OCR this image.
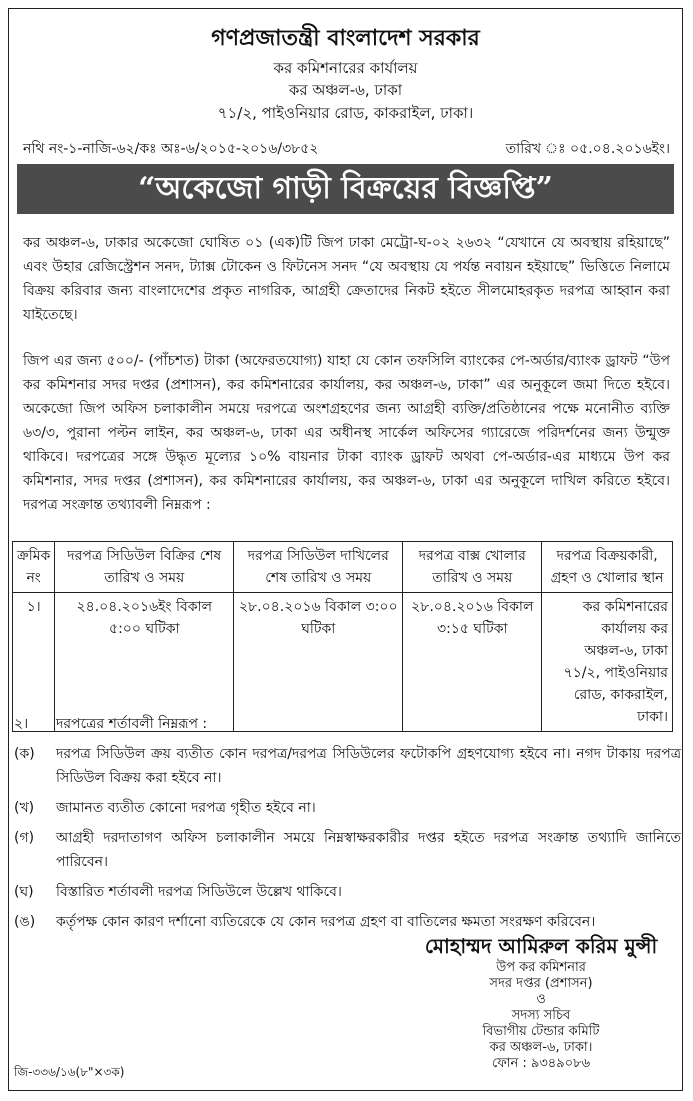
গণপ্রজাতন্ত্রী বাংলাদেশ সরকার
কর কমিশনারের কার্যালয়
কর অঞ্চল-৬, ঢাকা
৭১/২, পাইওনিয়ার রোড, কাকরাইল, ঢাকা।
নথি নং-১-নাজি-৬২/কঃ অঃ-৬/২০১৫-২০১৬/৩৮৫২	তারিখ ঃ ০৫.০৪.২০১৬ইং।
“অকেজো গাড়ী বিক্রয়ের বিজ্ঞপ্তি”
কর অঞ্চল-৬, ঢাকার অকেজো ঘোষিত ০১ (এক)টি জিপ ঢাকা মেট্রো-ঘ-০২ ২৬৩২ “যেখানে যে অবস্থায় রহিয়াছে” এবং উহার রেজিস্ট্রেশন সনদ, ট্যাক্স টোকেন ও ফিটনেস সনদ “যে অবস্থায় যে পর্যন্ত নবায়ন হইয়াছে” ভিত্তিতে নিলামে বিক্রয় করিবার জন্য বাংলাদেশের প্রকৃত নাগরিক, আগ্রহী ক্রেতাদের নিকট হইতে সীলমোহরকৃত দরপত্র আহ্বান করা যাইতেছে।
জিপ এর জন্য ৫০০/- (পাঁচশত) টাকা (অফেরতযোগ্য) যাহা যে কোন তফসিলি ব্যাংকের পে-অর্ডার/ব্যাংক ড্রাফট “উপ কর কমিশনার সদর দপ্তর (প্রশাসন), কর কমিশনারের কার্যালয়, কর অঞ্চল-৬, ঢাকা” এর অনুকূলে জমা দিতে হইবে। অকেজো জিপ অফিস চলাকালীন সময়ে দরপত্রে অংশগ্রহণের জন্য আগ্রহী ব্যক্তি/প্রতিষ্ঠানের পক্ষে মনোনীত ব্যক্তি ৬৩/৩, পুরানা পল্টন লাইন, কর অঞ্চল-৬, ঢাকা এর অধীনস্থ সার্কেল অফিসের গ্যারেজে পরিদর্শনের জন্য উন্মুক্ত থাকিবে। দরপত্রের সঙ্গে উদ্ধৃত মূল্যের ১০% বায়নার টাকা ব্যাংক ড্রাফট অথবা পে-অর্ডার-এর মাধ্যমে উপ কর কমিশনার, সদর দপ্তর (প্রশাসন), কর কমিশনারের কার্যালয়, কর অঞ্চল-৬, ঢাকা এর অনুকূলে দাখিল করিতে হইবে। দরপত্র সংক্রান্ত তথ্যাবলী নিম্নরূপ :
ক্রমিক নং	দরপত্র সিডিউল বিক্রির শেষ তারিখ ও সময়	দরপত্র সিডিউল দাখিলের শেষ তারিখ ও সময়	দরপত্র বাক্স খোলার তারিখ ও সময়	দরপত্র বিক্রয়কারী, গ্রহণ ও খোলার স্থান
১।	২৪.০৪.২০১৬ইং বিকাল ৫:০০ ঘটিকা	২৮.০৪.২০১৬ বিকাল ৩:০০ ঘটিকা	২৮.০৪.২০১৬ বিকাল ৩:১৫ ঘটিকা	কর কমিশনারের কার্যালয় কর অঞ্চল-৬, ঢাকা ৭১/২, পাইওনিয়ার রোড, কাকরাইল, ঢাকা।
২।	দরপত্রের শর্তাবলী নিম্নরূপ :
(ক)	দরপত্র সিডিউল ক্রয় ব্যতীত কোন দরপত্র/দরপত্র সিডিউলের ফটোকপি গ্রহণযোগ্য হইবে না। নগদ টাকায় দরপত্র সিডিউল বিক্রয় করা হইবে না।
(খ)	জামানত ব্যতীত কোনো দরপত্র গৃহীত হইবে না।
(গ)	আগ্রহী দরদাতাগণ অফিস চলাকালীন সময়ে নিম্নস্বাক্ষরকারীর দপ্তর হইতে দরপত্র সংক্রান্ত তথ্যাদি জানিতে পারিবেন।
(ঘ)	বিস্তারিত শর্তাবলী দরপত্র সিডিউলে উল্লেখ থাকিবে।
(ঙ)	কর্তৃপক্ষ কোন কারণ দর্শানো ব্যতিরেকে যে কোন দরপত্র গ্রহণ বা বাতিলের ক্ষমতা সংরক্ষণ করিবেন।
মোহাম্মদ আমিরুল করিম মুন্সী
উপ কর কমিশনার
সদর দপ্তর (প্রশাসন)
ও
সদস্য সচিব
বিভাগীয় টেন্ডার কমিটি
কর অঞ্চল-৬, ঢাকা।
ফোন : ৯৩৪৯০৮৬
জি-৩৩৬/১৬(৮"×৩ক)
